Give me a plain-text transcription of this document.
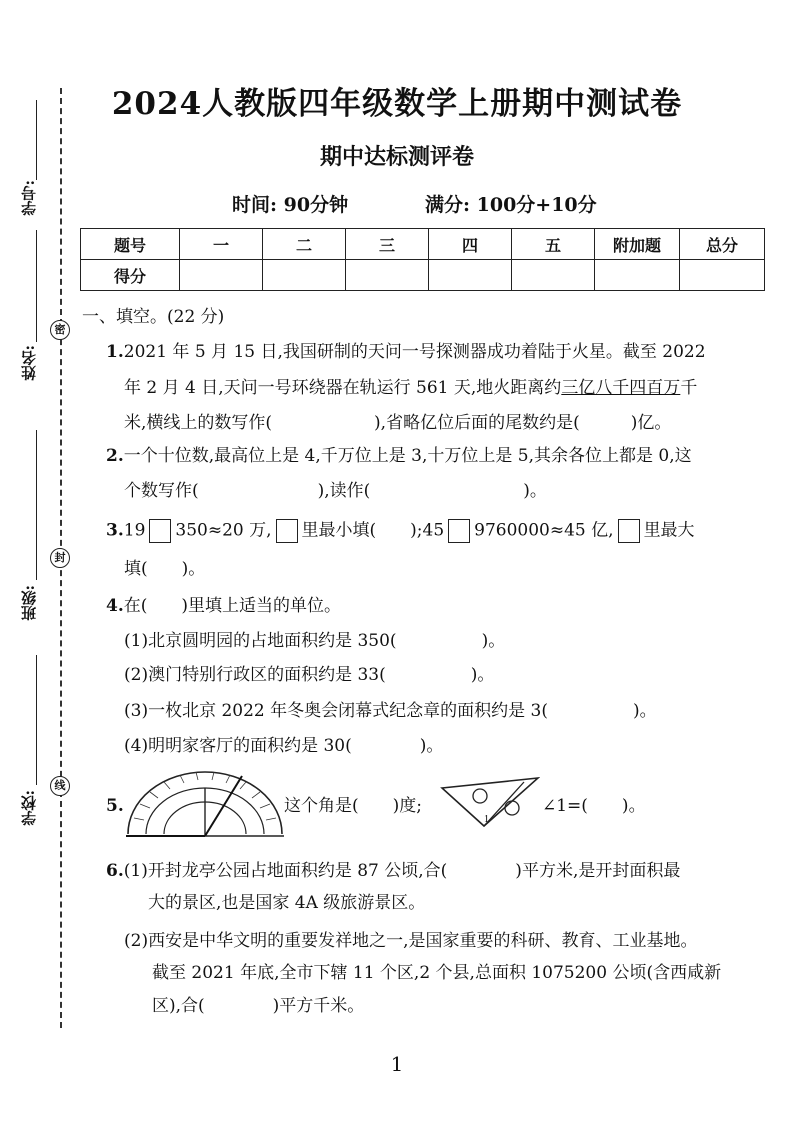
学号:
姓名:
班级:
学校:
密
封
线
2024人教版四年级数学上册期中测试卷
期中达标测评卷
时间: 90分钟	满分: 100分+10分
题号	一	二	三	四	五	附加题	总分
得分							
一、填空。(22 分)
1.2021 年 5 月 15 日,我国研制的天问一号探测器成功着陆于火星。截至 2022
年 2 月 4 日,天问一号环绕器在轨运行 561 天,地火距离约三亿八千四百万千
米,横线上的数写作(　　　　　　),省略亿位后面的尾数约是(　　　)亿。
2.一个十位数,最高位上是 4,千万位上是 3,十万位上是 5,其余各位上都是 0,这
个数写作(　　　　　　　),读作(　　　　　　　　　)。
3.19 350≈20 万, 里最小填(　　);45 9760000≈45 亿, 里最大
填(　　)。
4.在(　　)里填上适当的单位。
(1)北京圆明园的占地面积约是 350(　　　　　)。
(2)澳门特别行政区的面积约是 33(　　　　　)。
(3)一枚北京 2022 年冬奥会闭幕式纪念章的面积约是 3(　　　　　)。
(4)明明家客厅的面积约是 30(　　　　)。
5.	这个角是(　　)度;
1
∠1=(　　)。
6.(1)开封龙亭公园占地面积约是 87 公顷,合(　　　　)平方米,是开封面积最
大的景区,也是国家 4A 级旅游景区。
(2)西安是中华文明的重要发祥地之一,是国家重要的科研、教育、工业基地。
截至 2021 年底,全市下辖 11 个区,2 个县,总面积 1075200 公顷(含西咸新
区),合(　　　　)平方千米。
1
